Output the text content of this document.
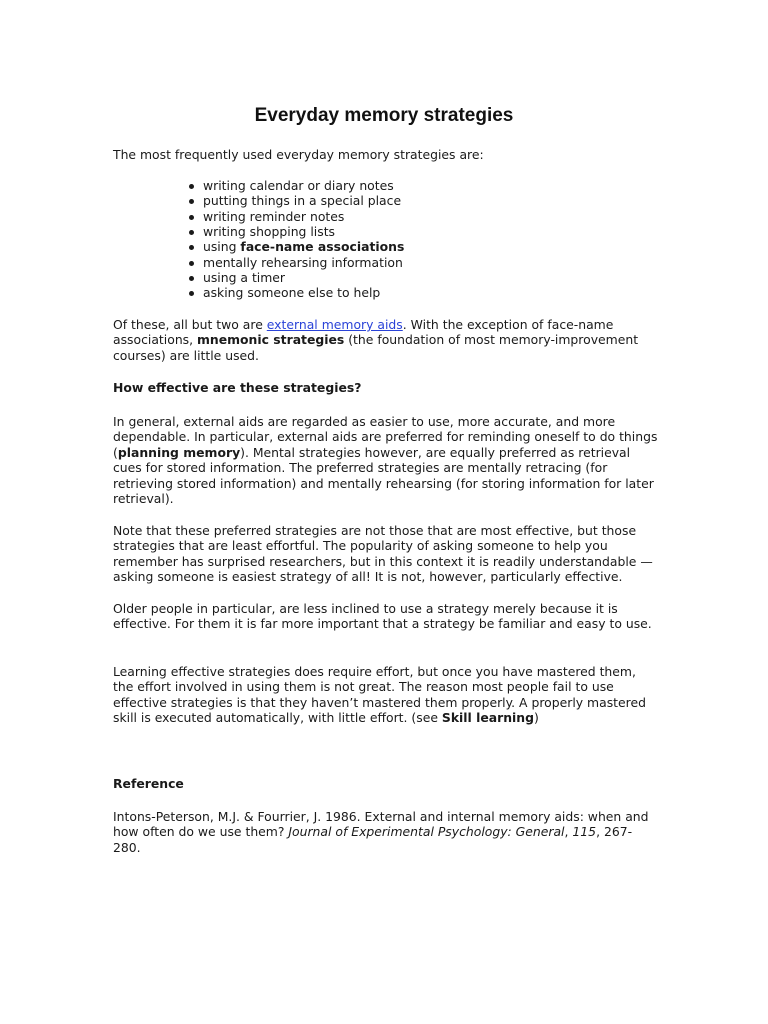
Everyday memory strategies

The most frequently used everyday memory strategies are:

writing calendar or diary notes
putting things in a special place
writing reminder notes
writing shopping lists
using face-name associations
mentally rehearsing information
using a timer
asking someone else to help

Of these, all but two are external memory aids. With the exception of face-name associations, mnemonic strategies (the foundation of most memory-improvement courses) are little used.

How effective are these strategies?

In general, external aids are regarded as easier to use, more accurate, and more dependable. In particular, external aids are preferred for reminding oneself to do things (planning memory). Mental strategies however, are equally preferred as retrieval cues for stored information. The preferred strategies are mentally retracing (for retrieving stored information) and mentally rehearsing (for storing information for later retrieval).

Note that these preferred strategies are not those that are most effective, but those strategies that are least effortful. The popularity of asking someone to help you remember has surprised researchers, but in this context it is readily understandable — asking someone is easiest strategy of all! It is not, however, particularly effective.

Older people in particular, are less inclined to use a strategy merely because it is effective. For them it is far more important that a strategy be familiar and easy to use.

Learning effective strategies does require effort, but once you have mastered them, the effort involved in using them is not great. The reason most people fail to use effective strategies is that they haven’t mastered them properly. A properly mastered skill is executed automatically, with little effort. (see Skill learning)

Reference

Intons-Peterson, M.J. & Fourrier, J. 1986. External and internal memory aids: when and how often do we use them? Journal of Experimental Psychology: General, 115, 267-280.
